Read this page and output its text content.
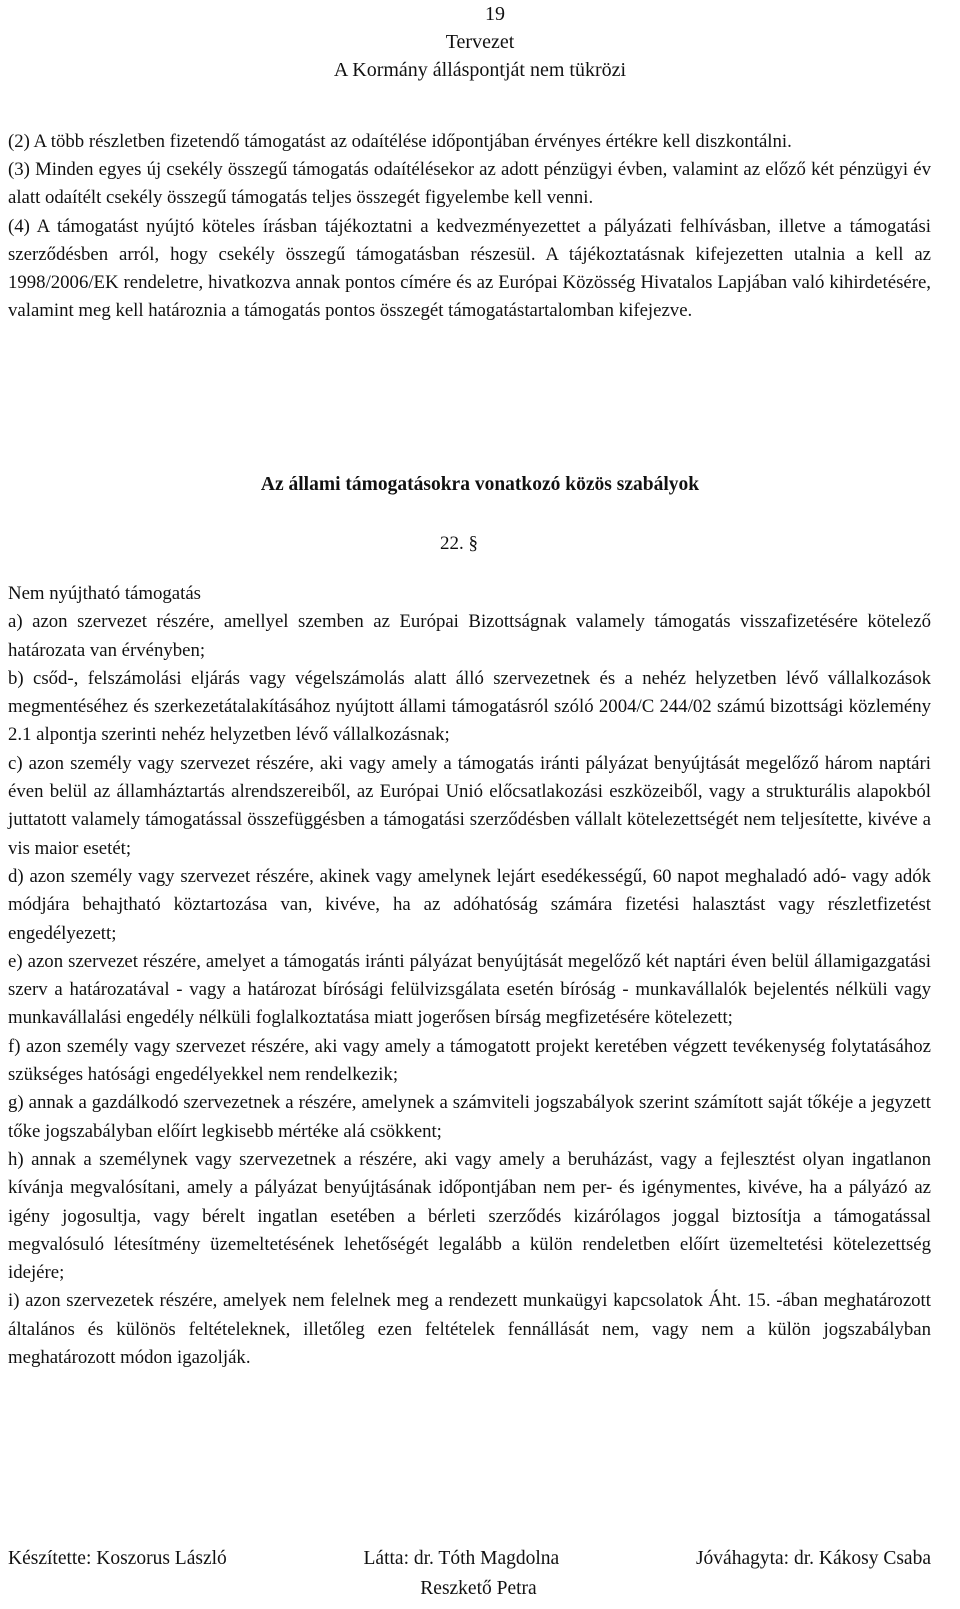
19
Tervezet
A Kormány álláspontját nem tükrözi

(2) A több részletben fizetendő támogatást az odaítélése időpontjában érvényes értékre kell diszkontálni.

(3) Minden egyes új csekély összegű támogatás odaítélésekor az adott pénzügyi évben, valamint az előző két pénzügyi év alatt odaítélt csekély összegű támogatás teljes összegét figyelembe kell venni.

(4) A támogatást nyújtó köteles írásban tájékoztatni a kedvezményezettet a pályázati felhívásban, illetve a támogatási szerződésben arról, hogy csekély összegű támogatásban részesül. A tájékoztatásnak kifejezetten utalnia a kell az 1998/2006/EK rendeletre, hivatkozva annak pontos címére és az Európai Közösség Hivatalos Lapjában való kihirdetésére, valamint meg kell határoznia a támogatás pontos összegét támogatástartalomban kifejezve.

Az állami támogatásokra vonatkozó közös szabályok
22. §

Nem nyújtható támogatás

a) azon szervezet részére, amellyel szemben az Európai Bizottságnak valamely támogatás visszafizetésére kötelező határozata van érvényben;

b) csőd-, felszámolási eljárás vagy végelszámolás alatt álló szervezetnek és a nehéz helyzetben lévő vállalkozások megmentéséhez és szerkezetátalakításához nyújtott állami támogatásról szóló 2004/C 244/02 számú bizottsági közlemény 2.1 alpontja szerinti nehéz helyzetben lévő vállalkozásnak;

c) azon személy vagy szervezet részére, aki vagy amely a támogatás iránti pályázat benyújtását megelőző három naptári éven belül az államháztartás alrendszereiből, az Európai Unió előcsatlakozási eszközeiből, vagy a strukturális alapokból juttatott valamely támogatással összefüggésben a támogatási szerződésben vállalt kötelezettségét nem teljesítette, kivéve a vis maior esetét;

d) azon személy vagy szervezet részére, akinek vagy amelynek lejárt esedékességű, 60 napot meghaladó adó- vagy adók módjára behajtható köztartozása van, kivéve, ha az adóhatóság számára fizetési halasztást vagy részletfizetést engedélyezett;

e) azon szervezet részére, amelyet a támogatás iránti pályázat benyújtását megelőző két naptári éven belül államigazgatási szerv a határozatával - vagy a határozat bírósági felülvizsgálata esetén bíróság - munkavállalók bejelentés nélküli vagy munkavállalási engedély nélküli foglalkoztatása miatt jogerősen bírság megfizetésére kötelezett;

f) azon személy vagy szervezet részére, aki vagy amely a támogatott projekt keretében végzett tevékenység folytatásához szükséges hatósági engedélyekkel nem rendelkezik;

g) annak a gazdálkodó szervezetnek a részére, amelynek a számviteli jogszabályok szerint számított saját tőkéje a jegyzett tőke jogszabályban előírt legkisebb mértéke alá csökkent;

h) annak a személynek vagy szervezetnek a részére, aki vagy amely a beruházást, vagy a fejlesztést olyan ingatlanon kívánja megvalósítani, amely a pályázat benyújtásának időpontjában nem per- és igénymentes, kivéve, ha a pályázó az igény jogosultja, vagy bérelt ingatlan esetében a bérleti szerződés kizárólagos joggal biztosítja a támogatással megvalósuló létesítmény üzemeltetésének lehetőségét legalább a külön rendeletben előírt üzemeltetési kötelezettség idejére;

i) azon szervezetek részére, amelyek nem felelnek meg a rendezett munkaügyi kapcsolatok Áht. 15. -ában meghatározott általános és különös feltételeknek, illetőleg ezen feltételek fennállását nem, vagy nem a külön jogszabályban meghatározott módon igazolják.

Készítette: Koszorus László	Látta: dr. Tóth Magdolna	Jóváhagyta: dr. Kákosy Csaba
Reszkető Petra
